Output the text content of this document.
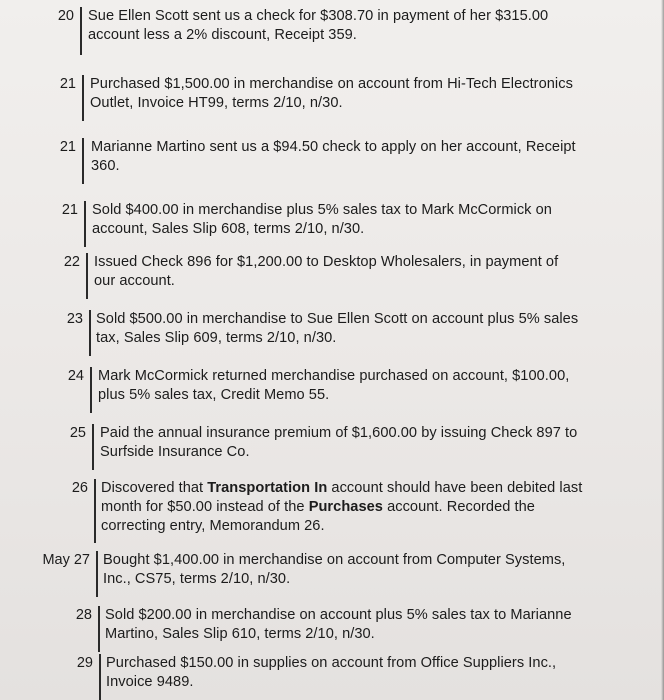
20 Sue Ellen Scott sent us a check for $308.70 in payment of her $315.00
account less a 2% discount, Receipt 359.
21 Purchased $1,500.00 in merchandise on account from Hi-Tech Electronics
Outlet, Invoice HT99, terms 2/10, n/30.
21	Marianne Martino sent us a $94.50 check to apply on her account, Receipt
360.
21 Sold $400.00 in merchandise plus 5% sales tax to Mark McCormick on
account, Sales Slip 608, terms 2/10, n/30.
22 Issued Check 896 for $1,200.00 to Desktop Wholesalers, in payment of
our account.
23 Sold $500.00 in merchandise to Sue Ellen Scott on account plus 5% sales
tax, Sales Slip 609, terms 2/10, n/30.
24 Mark McCormick returned merchandise purchased on account, $100.00,
plus 5% sales tax, Credit Memo 55.
25 Paid the annual insurance premium of $1,600.00 by issuing Check 897 to
Surfside Insurance Co.
26 Discovered that Transportation In account should have been debited last
month for $50.00 instead of the Purchases account. Recorded the
correcting entry, Memorandum 26.
May 27 Bought $1,400.00 in merchandise on account from Computer Systems,
Inc., CS75, terms 2/10, n/30.
28 Sold $200.00 in merchandise on account plus 5% sales tax to Marianne
Martino, Sales Slip 610, terms 2/10, n/30.
29 Purchased $150.00 in supplies on account from Office Suppliers Inc.,
Invoice 9489.
